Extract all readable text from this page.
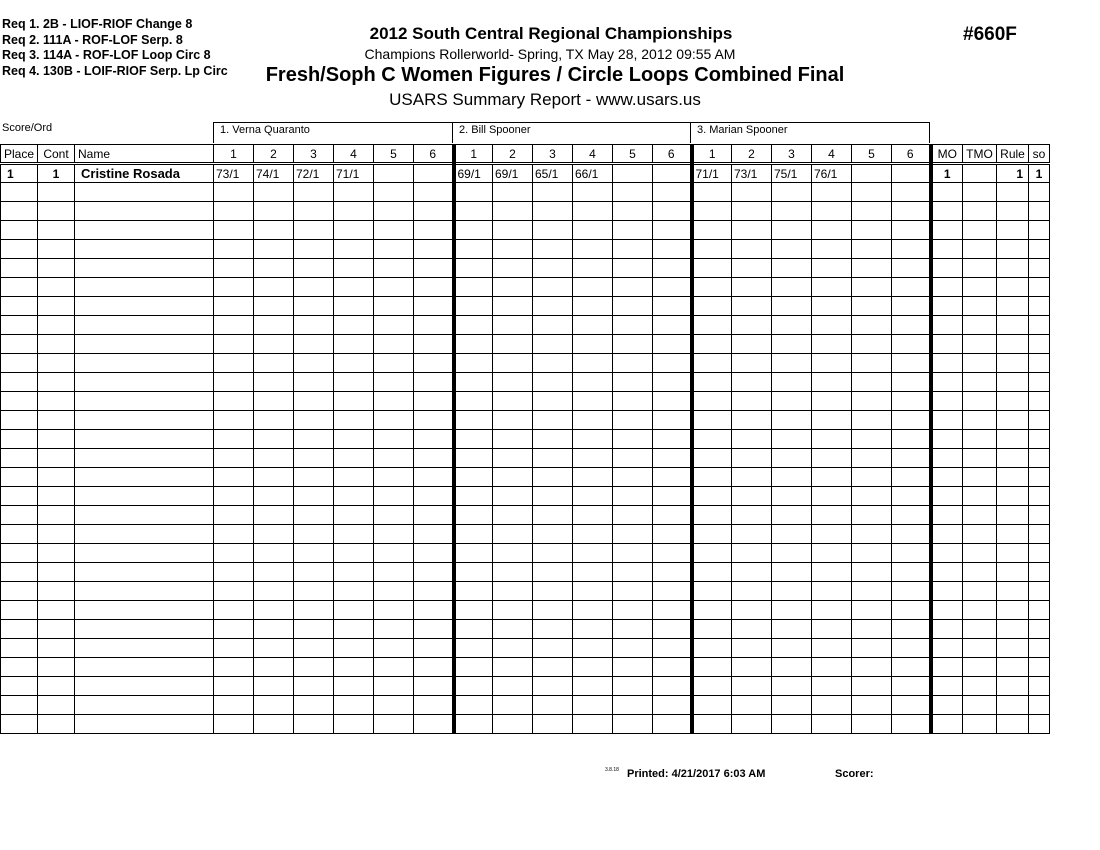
Req 1. 2B - LIOF-RIOF Change 8
Req 2. 111A - ROF-LOF Serp. 8
Req 3. 114A - ROF-LOF Loop Circ 8
Req 4. 130B - LOIF-RIOF Serp. Lp Circ
2012 South Central Regional Championships
Champions Rollerworld- Spring, TX May 28, 2012 09:55 AM
Fresh/Soph C Women Figures / Circle Loops Combined Final
USARS Summary Report - www.usars.us
#660F
Score/Ord	1. Verna Quaranto	2. Bill Spooner	3. Marian Spooner
Place	Cont	Name	1	2	3	4	5	6	1	2	3	4	5	6	1	2	3	4	5	6	MO	TMO	Rule	so
1	1	Cristine Rosada	73/1	74/1	72/1	71/1			69/1	69/1	65/1	66/1			71/1	73/1	75/1	76/1			1		1	1

3.8.18 Printed: 4/21/2017 6:03 AM	Scorer:
